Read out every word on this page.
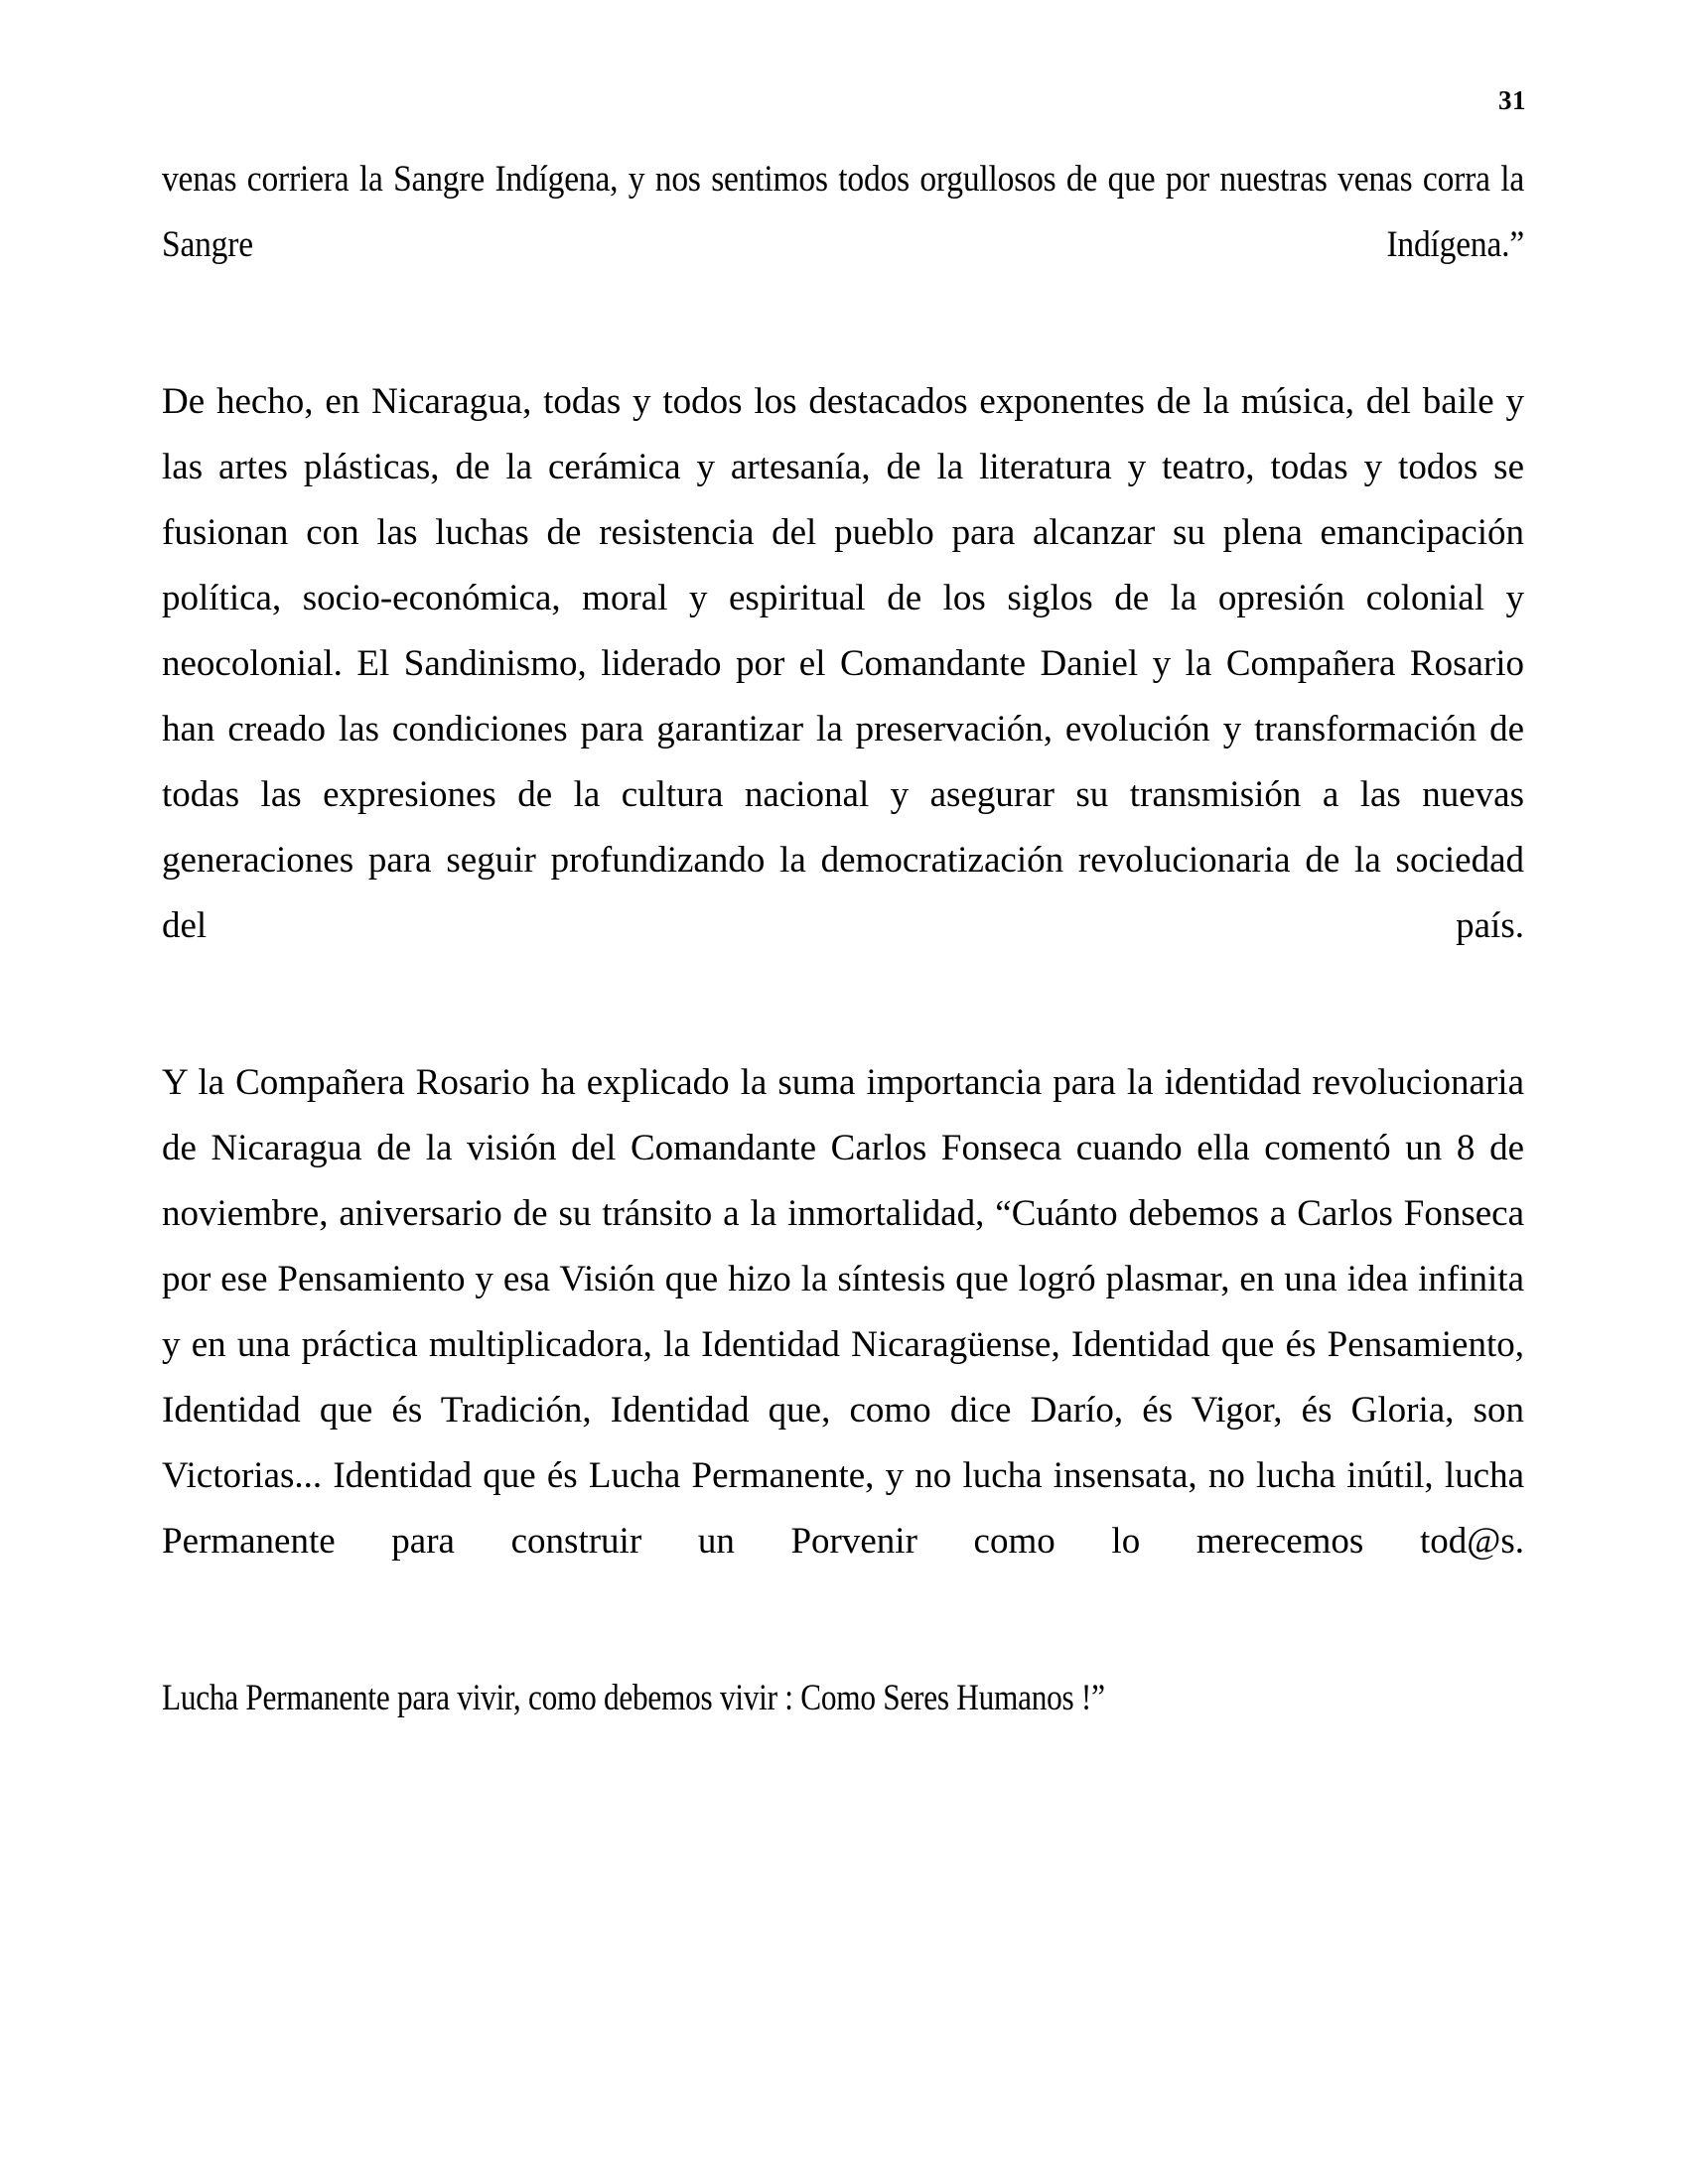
31

venas corriera la Sangre Indígena, y nos sentimos todos orgullosos de que por nuestras venas corra la Sangre Indígena.”

De hecho, en Nicaragua, todas y todos los destacados exponentes de la música, del baile y las artes plásticas, de la cerámica y artesanía, de la literatura y teatro, todas y todos se fusionan con las luchas de resistencia del pueblo para alcanzar su plena emancipación política, socio-económica, moral y espiritual de los siglos de la opresión colonial y neocolonial. El Sandinismo, liderado por el Comandante Daniel y la Compañera Rosario han creado las condiciones para garantizar la preservación, evolución y transformación de todas las expresiones de la cultura nacional y asegurar su transmisión a las nuevas generaciones para seguir profundizando la democratización revolucionaria de la sociedad del país.

Y la Compañera Rosario ha explicado la suma importancia para la identidad revolucionaria de Nicaragua de la visión del Comandante Carlos Fonseca cuando ella comentó un 8 de noviembre, aniversario de su tránsito a la inmortalidad, “Cuánto debemos a Carlos Fonseca por ese Pensamiento y esa Visión que hizo la síntesis que logró plasmar, en una idea infinita y en una práctica multiplicadora, la Identidad Nicaragüense, Identidad que és Pensamiento, Identidad que és Tradición, Identidad que, como dice Darío, és Vigor, és Gloria, son Victorias... Identidad que és Lucha Permanente, y no lucha insensata, no lucha inútil, lucha Permanente para construir un Porvenir como lo merecemos tod@s.

Lucha Permanente para vivir, como debemos vivir : Como Seres Humanos !”
